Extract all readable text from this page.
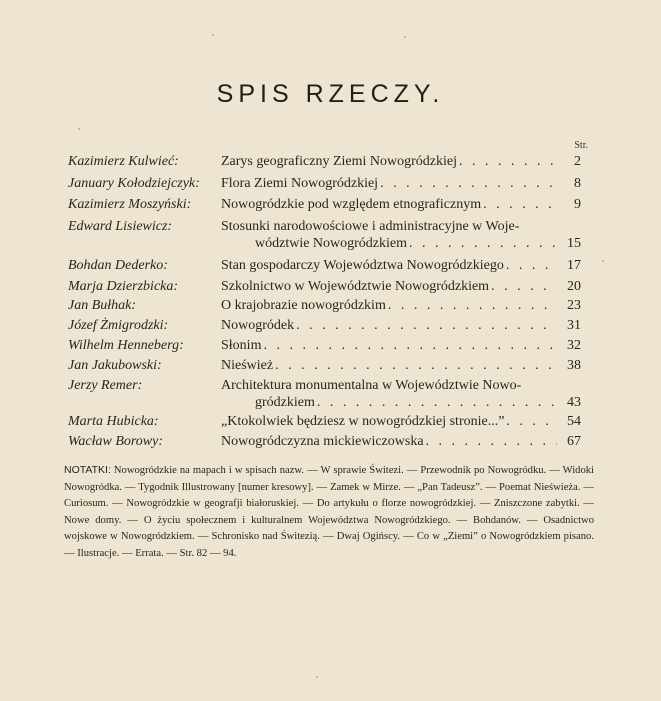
SPIS RZECZY.
Str.
Kazimierz Kulwieć:	Zarys geograficzny Ziemi Nowogródzkiej . . .	2
January Kołodziejczyk: Flora Ziemi Nowogródzkiej . . .	8
Kazimierz Moszyński: Nowogródzkie pod względem etnograficznym . . .	9
Edward Lisiewicz:	Stosunki narodowościowe i administracyjne w Woje-
wództwie Nowogródzkiem . . .	15
Bohdan Dederko:	Stan gospodarczy Województwa Nowogródzkiego . . .	17
Marja Dzierzbicka:	Szkolnictwo w Województwie Nowogródzkiem . . .	20
Jan Bułhak:	O krajobrazie nowogródzkim . . .	23
Józef Żmigrodzki:	Nowogródek . . .	31
Wilhelm Henneberg:	Słonim . . .	32
Jan Jakubowski:	Nieśwież . . .	38
Jerzy Remer:	Architektura monumentalna w Województwie Nowo-
gródzkiem . . .	43
Marta Hubicka:	„Ktokolwiek będziesz w nowogródzkiej stronie...” . . .	54
Wacław Borowy:	Nowogródczyzna mickiewiczowska . . .	67
NOTATKI: Nowogródzkie na mapach i w spisach nazw. — W sprawie Świtezi. — Przewodnik po Nowogródku. — Widoki Nowogródka. — Tygodnik Illustrowany [numer kresowy]. — Zamek w Mirze. — „Pan Tadeusz”. — Poemat Nieświeża. — Curiosum. — Nowogródzkie w geografji białoruskiej. — Do artykułu o florze nowogródzkiej. — Zniszczone zabytki. — Nowe domy. — O życiu społecznem i kulturalnem Województwa Nowogródzkiego. — Bohdanów. — Osadnictwo wojskowe w Nowogródzkiem. — Schronisko nad Świtezią. — Dwaj Ogińscy. — Co w „Ziemi” o Nowogródzkiem pisano. — Ilustracje. — Errata. — Str. 82 — 94.
